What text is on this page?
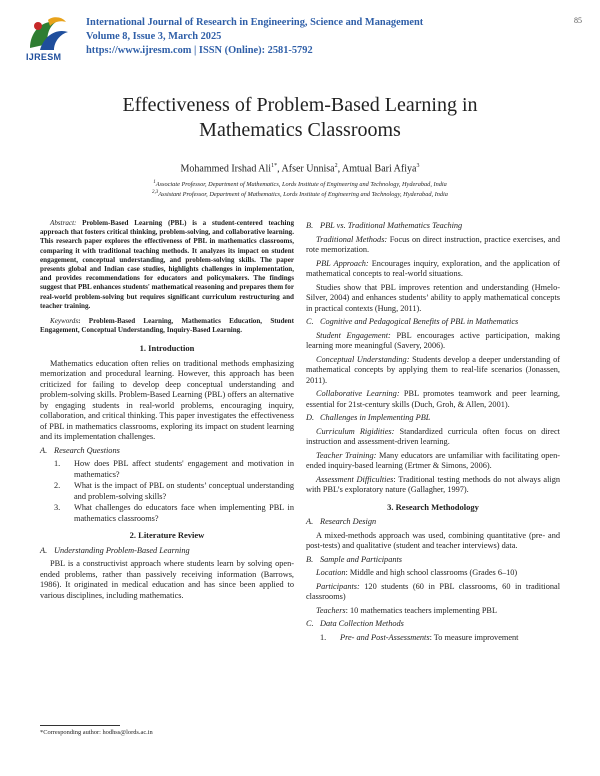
IJRESM
International Journal of Research in Engineering, Science and Management
Volume 8, Issue 3, March 2025
https://www.ijresm.com | ISSN (Online): 2581-5792
85
Effectiveness of Problem-Based Learning in
Mathematics Classrooms
Mohammed Irshad Ali$^{1*}$, Afser Unnisa$^2$, Amtual Bari Afiya$^3$
$^1$Associate Professor, Department of Mathematics, Lords Institute of Engineering and Technology, Hyderabad, India
$^{2,3}$Assistant Professor, Department of Mathematics, Lords Institute of Engineering and Technology, Hyderabad, India

Abstract: Problem-Based Learning (PBL) is a student-centered teaching approach that fosters critical thinking, problem-solving, and collaborative learning. This research paper explores the effectiveness of PBL in mathematics classrooms, comparing it with traditional teaching methods. It analyzes its impact on student engagement, conceptual understanding, and problem-solving skills. The paper presents global and Indian case studies, highlights challenges in implementation, and provides recommendations for educators and policymakers. The findings suggest that PBL enhances students' mathematical reasoning and prepares them for real-world problem-solving but requires significant curriculum restructuring and teacher training.

Keywords: Problem-Based Learning, Mathematics Education, Student Engagement, Conceptual Understanding, Inquiry-Based Learning.

1. Introduction

Mathematics education often relies on traditional methods emphasizing memorization and procedural learning. However, this approach has been criticized for failing to develop deep conceptual understanding and problem-solving skills. Problem-Based Learning (PBL) offers an alternative by engaging students in real-world problems, encouraging inquiry, collaboration, and critical thinking. This paper investigates the effectiveness of PBL in mathematics classrooms, exploring its impact on student learning and its implementation challenges.

A. Research Questions
1. How does PBL affect students' engagement and motivation in mathematics?
2. What is the impact of PBL on students’ conceptual understanding and problem-solving skills?
3. What challenges do educators face when implementing PBL in mathematics classrooms?
2. Literature Review
A. Understanding Problem-Based Learning

PBL is a constructivist approach where students learn by solving open-ended problems, rather than passively receiving information (Barrows, 1986). It originated in medical education and has since been applied to various disciplines, including mathematics.

B. PBL vs. Traditional Mathematics Teaching

Traditional Methods: Focus on direct instruction, practice exercises, and rote memorization.

PBL Approach: Encourages inquiry, exploration, and the application of mathematical concepts to real-world situations.

Studies show that PBL improves retention and understanding (Hmelo-Silver, 2004) and enhances students’ ability to apply mathematical concepts in practical contexts (Hung, 2011).

C. Cognitive and Pedagogical Benefits of PBL in Mathematics

Student Engagement: PBL encourages active participation, making learning more meaningful (Savery, 2006).

Conceptual Understanding: Students develop a deeper understanding of mathematical concepts by applying them to real-life scenarios (Jonassen, 2011).

Collaborative Learning: PBL promotes teamwork and peer learning, essential for 21st-century skills (Duch, Groh, & Allen, 2001).

D. Challenges in Implementing PBL

Curriculum Rigidities: Standardized curricula often focus on direct instruction and assessment-driven learning.

Teacher Training: Many educators are unfamiliar with facilitating open-ended inquiry-based learning (Ertmer & Simons, 2006).

Assessment Difficulties: Traditional testing methods do not always align with PBL’s exploratory nature (Gallagher, 1997).

3. Research Methodology
A. Research Design

A mixed-methods approach was used, combining quantitative (pre- and post-tests) and qualitative (student and teacher interviews) data.

B. Sample and Participants

Location: Middle and high school classrooms (Grades 6–10)

Participants: 120 students (60 in PBL classrooms, 60 in traditional classrooms)

Teachers: 10 mathematics teachers implementing PBL

C. Data Collection Methods
1. Pre- and Post-Assessments: To measure improvement
*Corresponding author: hodhss@lords.ac.in
